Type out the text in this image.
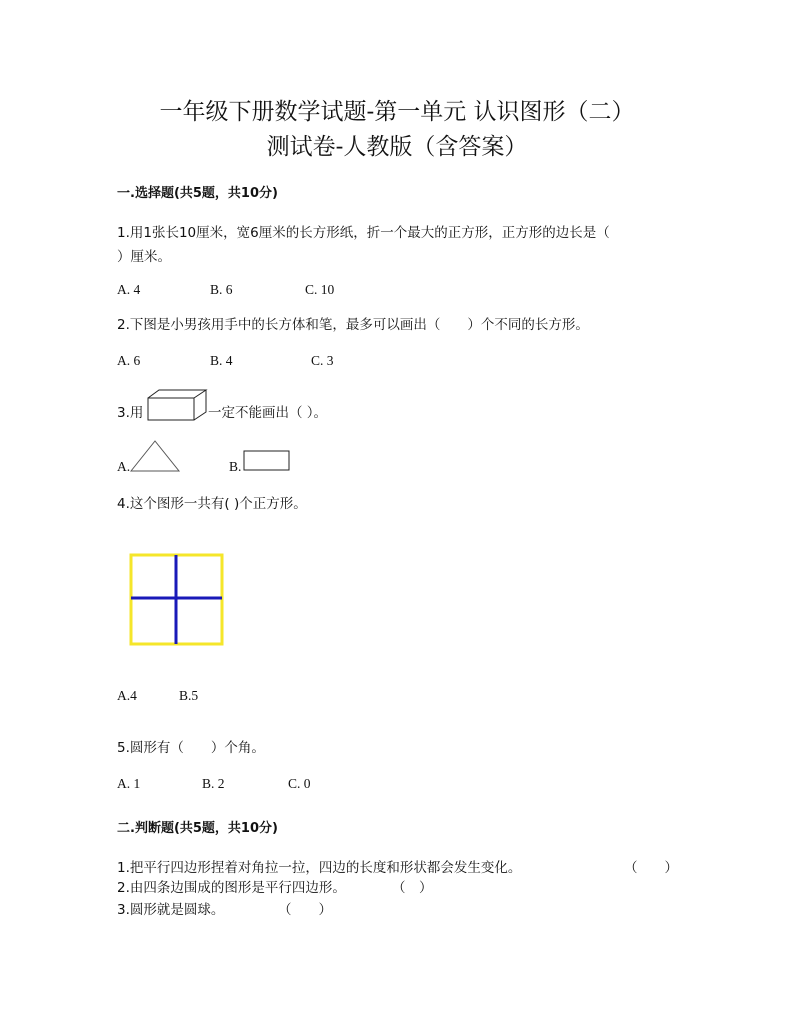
一年级下册数学试题-第一单元 认识图形（二）
测试卷-人教版（含答案）
一.选择题(共5题，共10分)
1.用1张长10厘米，宽6厘米的长方形纸，折一个最大的正方形，正方形的边长是（
）厘米。
A. 4	B. 6	C. 10
2.下图是小男孩用手中的长方体和笔，最多可以画出（　　）个不同的长方形。
A. 6	B. 4	C. 3
3.用	一定不能画出（ ）。
A.	B.
4.这个图形一共有( )个正方形。
A.4	B.5
5.圆形有（　　）个角。
A. 1	B. 2	C. 0
二.判断题(共5题，共10分)
1.把平行四边形捏着对角拉一拉，四边的长度和形状都会发生变化。	（　　）
2.由四条边围成的图形是平行四边形。	（　）
3.圆形就是圆球。	（　　）
